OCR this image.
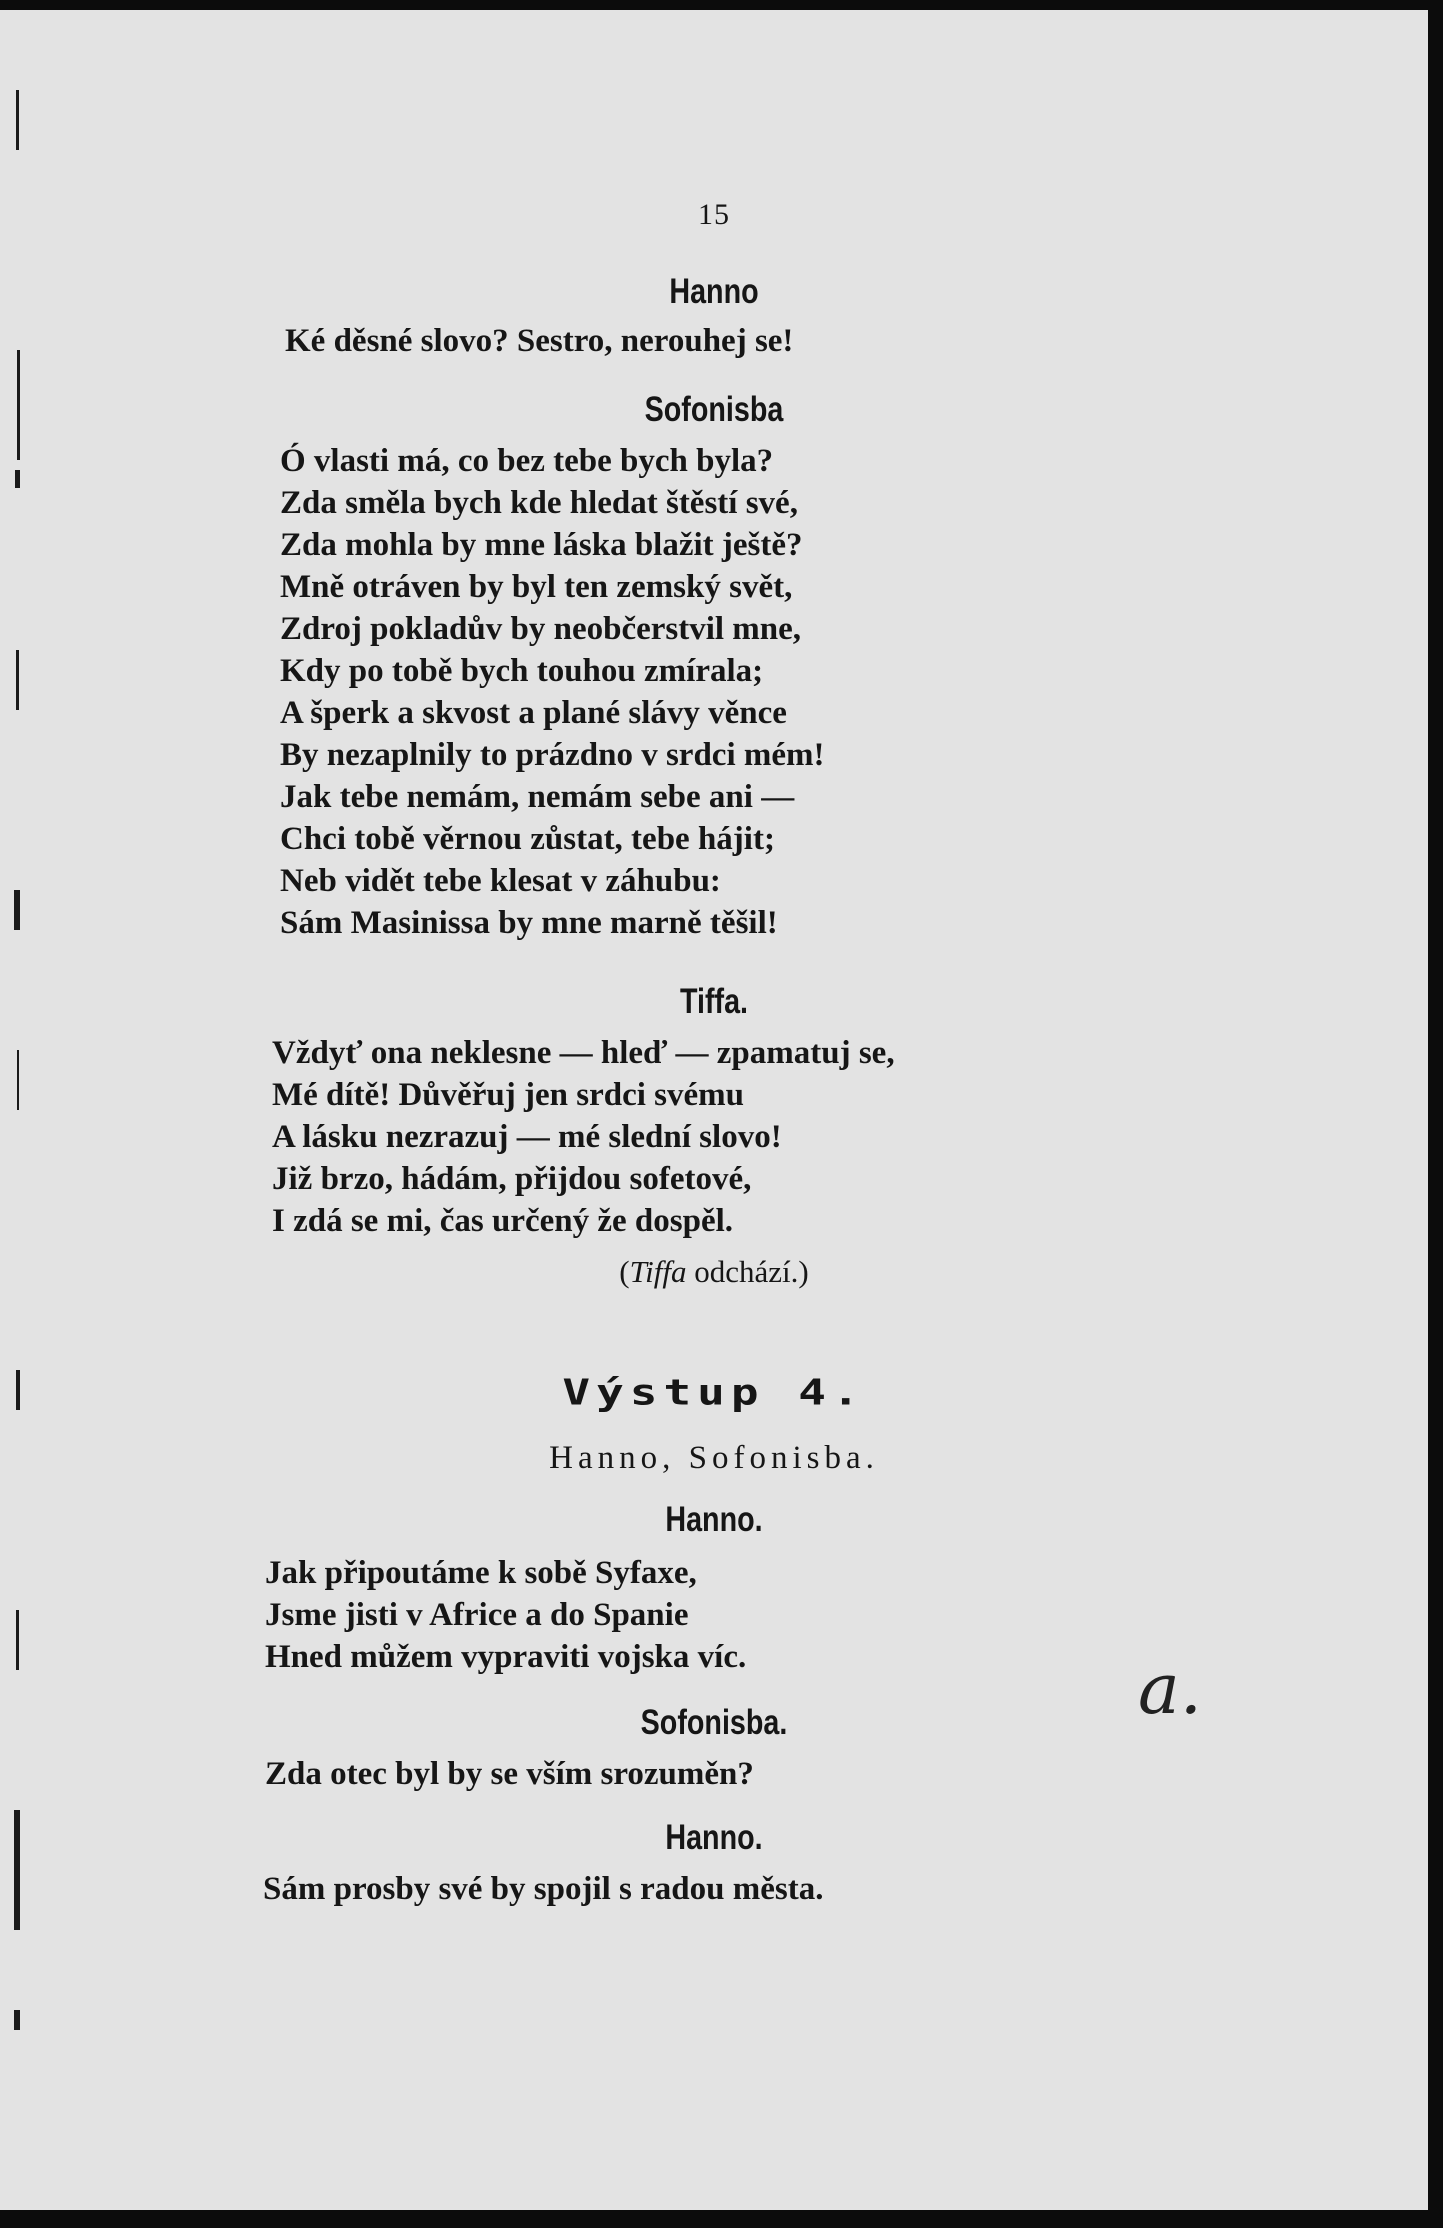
15

Hanno

Ké děsné slovo? Sestro, nerouhej se!

Sofonisba

Ó vlasti má, co bez tebe bych byla?
Zda směla bych kde hledat štěstí své,
Zda mohla by mne láska blažit ještě?
Mně otráven by byl ten zemský svět,
Zdroj pokladův by neobčerstvil mne,
Kdy po tobě bych touhou zmírala;
A šperk a skvost a plané slávy věnce
By nezaplnily to prázdno v srdci mém!
Jak tebe nemám, nemám sebe ani —
Chci tobě věrnou zůstat, tebe hájit;
Neb vidět tebe klesat v záhubu:
Sám Masinissa by mne marně těšil!

Tiffa.

Vždyť ona neklesne — hleď — zpamatuj se,
Mé dítě! Důvěřuj jen srdci svému
A lásku nezrazuj — mé slední slovo!
Již brzo, hádám, přijdou sofetové,
I zdá se mi, čas určený že dospěl.
(Tiffa odchází.)
Výstup 4.
Hanno, Sofonisba.

Hanno.

Jak připoutáme k sobě Syfaxe,
Jsme jisti v Africe a do Spanie
Hned můžem vypraviti vojska víc.

Sofonisba.

Zda otec byl by se vším srozuměn?

Hanno.

Sám prosby své by spojil s radou města.
a.
